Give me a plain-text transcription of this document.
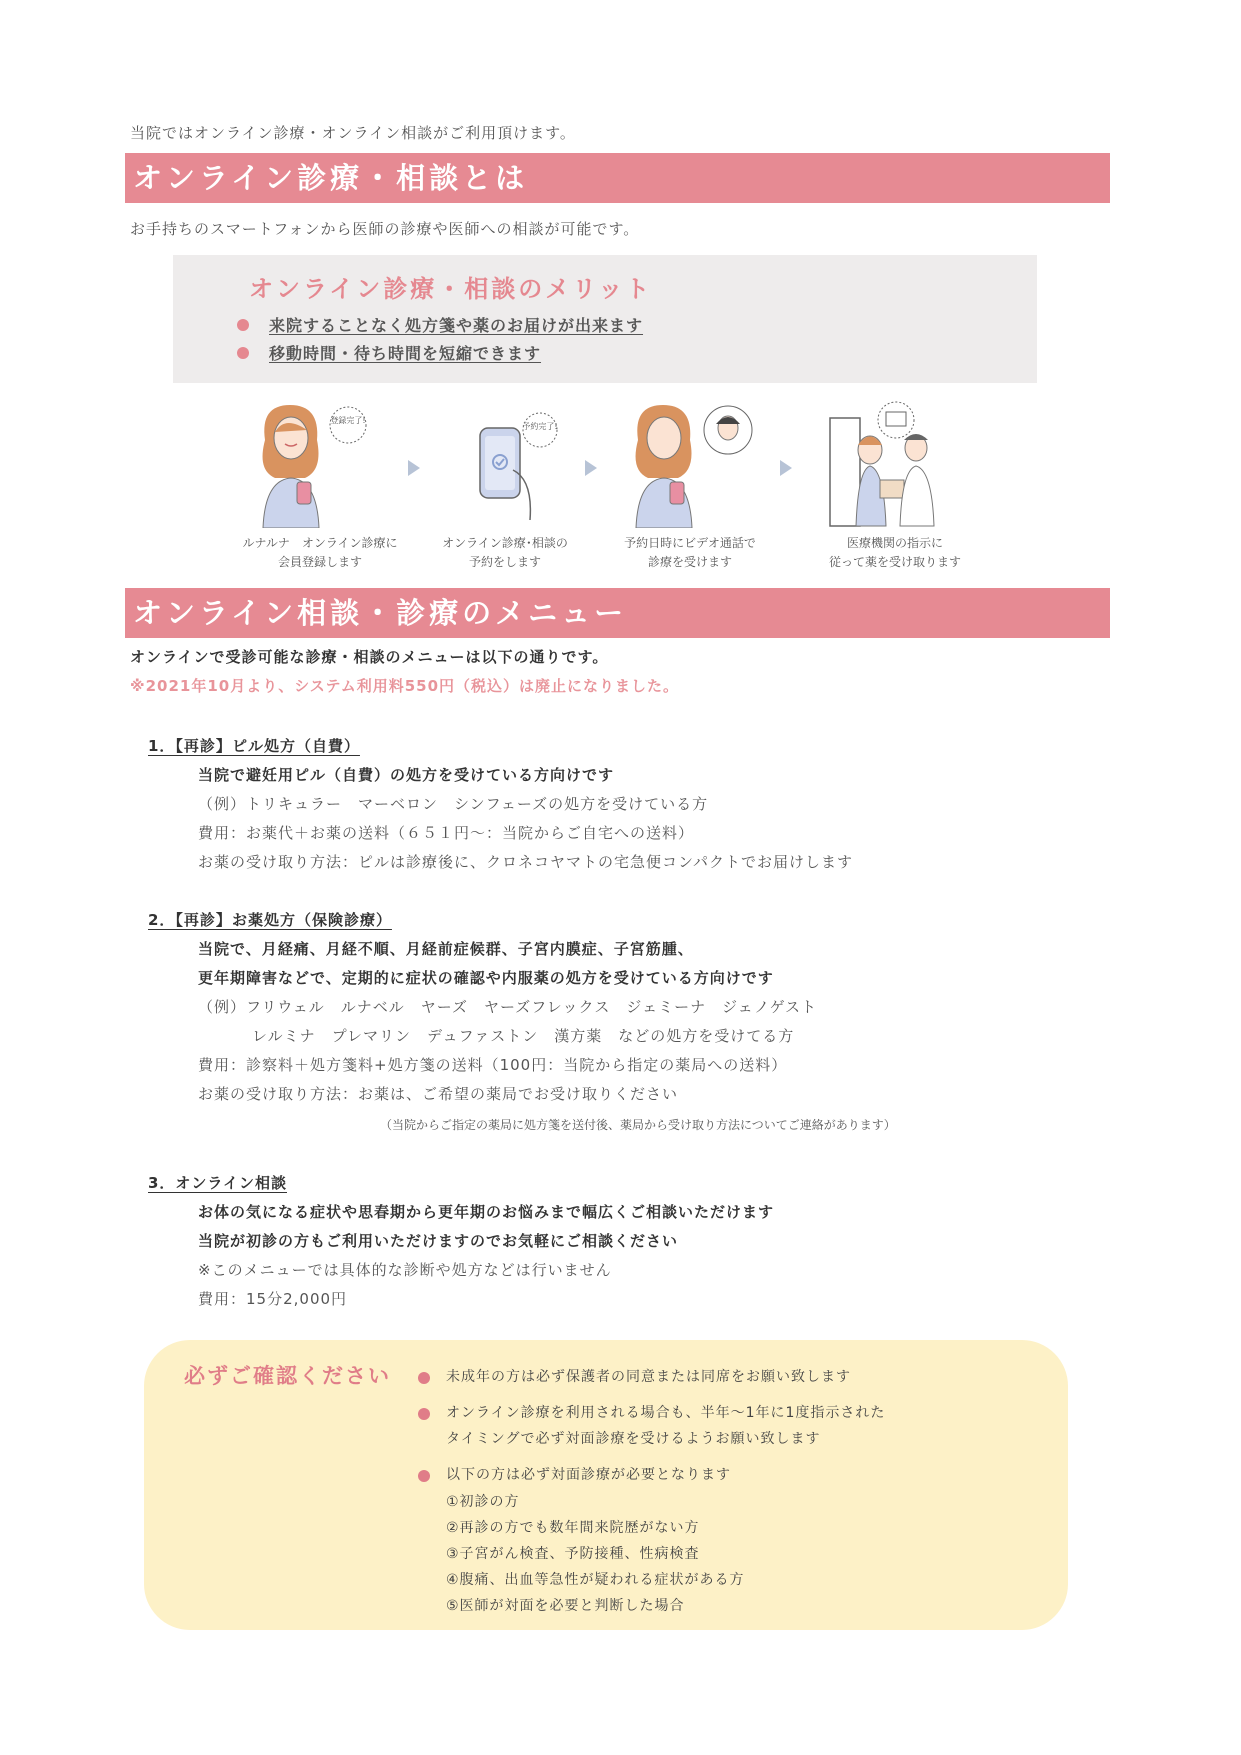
当院ではオンライン診療・オンライン相談がご利用頂けます。
オンライン診療・相談とは
お手持ちのスマートフォンから医師の診療や医師への相談が可能です。
オンライン診療・相談のメリット
来院することなく処方箋や薬のお届けが出来ます
移動時間・待ち時間を短縮できます
登録完了!
予約完了!
ルナルナ　オンライン診療に
会員登録します
オンライン診療･相談の
予約をします
予約日時にビデオ通話で
診療を受けます
医療機関の指示に
従って薬を受け取ります
オンライン相談・診療のメニュー
オンラインで受診可能な診療・相談のメニューは以下の通りです。
※2021年10月より、システム利用料550円（税込）は廃止になりました。
1．【再診】ピル処方（自費）
当院で避妊用ピル（自費）の処方を受けている方向けです
（例）トリキュラー　マーベロン　シンフェーズの処方を受けている方
費用：お薬代＋お薬の送料（６５１円～：当院からご自宅への送料）
お薬の受け取り方法：ピルは診療後に、クロネコヤマトの宅急便コンパクトでお届けします
2．【再診】お薬処方（保険診療）
当院で、月経痛、月経不順、月経前症候群、子宮内膜症、子宮筋腫、
更年期障害などで、定期的に症状の確認や内服薬の処方を受けている方向けです
（例）フリウェル　ルナベル　ヤーズ　ヤーズフレックス　ジェミーナ　ジェノゲスト
レルミナ　プレマリン　デュファストン　漢方薬　などの処方を受けてる方
費用：診察料＋処方箋料+処方箋の送料（100円：当院から指定の薬局への送料）
お薬の受け取り方法：お薬は、ご希望の薬局でお受け取りください
（当院からご指定の薬局に処方箋を送付後、薬局から受け取り方法についてご連絡があります）
3．オンライン相談
お体の気になる症状や思春期から更年期のお悩みまで幅広くご相談いただけます
当院が初診の方もご利用いただけますのでお気軽にご相談ください
※このメニューでは具体的な診断や処方などは行いません
費用：15分2,000円
必ずご確認ください	未成年の方は必ず保護者の同意または同席をお願い致します
オンライン診療を利用される場合も、半年～1年に1度指示された
タイミングで必ず対面診療を受けるようお願い致します
以下の方は必ず対面診療が必要となります
①初診の方
②再診の方でも数年間来院歴がない方
③子宮がん検査、予防接種、性病検査
④腹痛、出血等急性が疑われる症状がある方
⑤医師が対面を必要と判断した場合
